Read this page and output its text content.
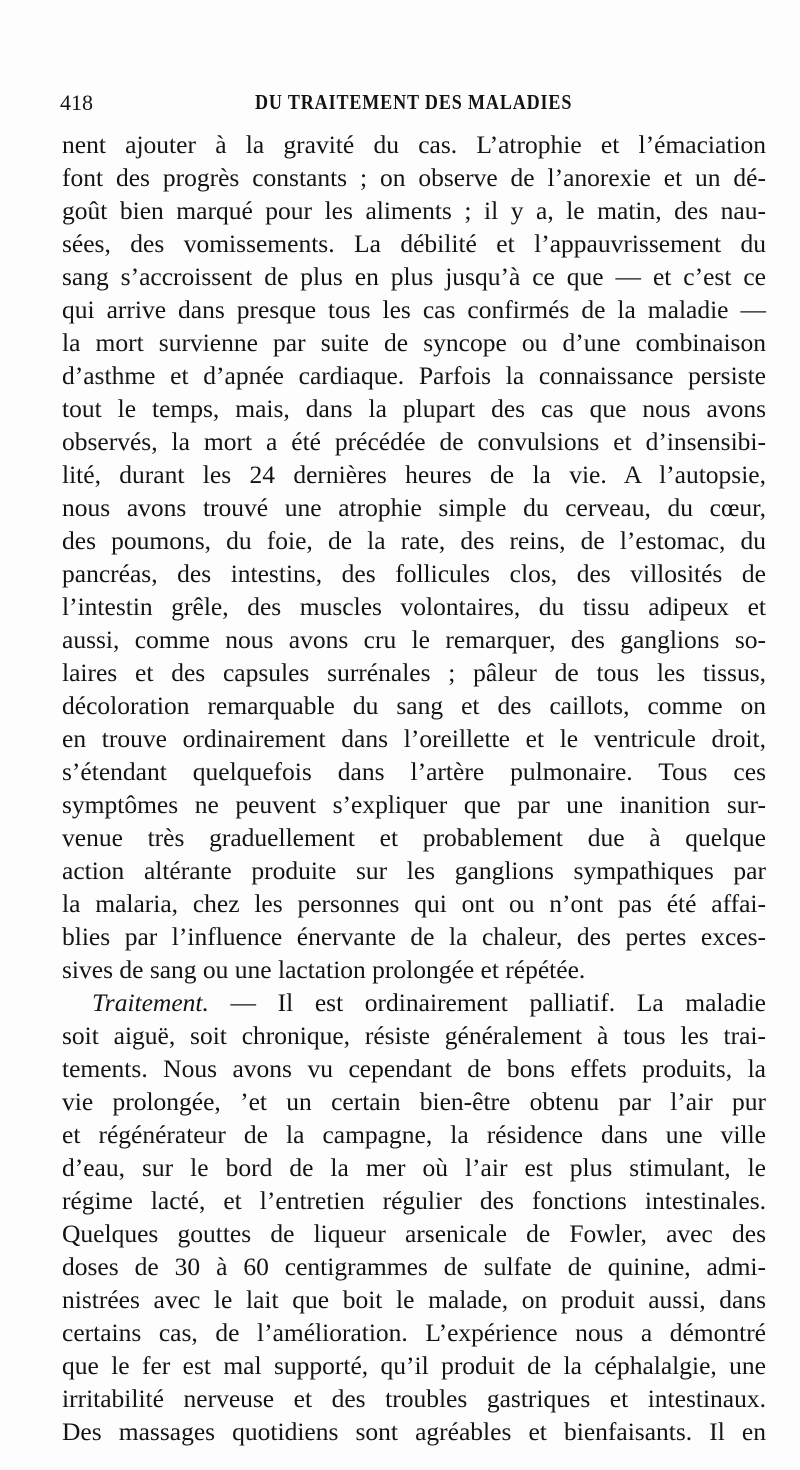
418	DU TRAITEMENT DES MALADIES
nent ajouter à la gravité du cas. L’atrophie et l’émaciation
font des progrès constants ; on observe de l’anorexie et un dé-
goût bien marqué pour les aliments ; il y a, le matin, des nau-
sées, des vomissements. La débilité et l’appauvrissement du
sang s’accroissent de plus en plus jusqu’à ce que — et c’est ce
qui arrive dans presque tous les cas confirmés de la maladie —
la mort survienne par suite de syncope ou d’une combinaison
d’asthme et d’apnée cardiaque. Parfois la connaissance persiste
tout le temps, mais, dans la plupart des cas que nous avons
observés, la mort a été précédée de convulsions et d’insensibi-
lité, durant les 24 dernières heures de la vie. A l’autopsie,
nous avons trouvé une atrophie simple du cerveau, du cœur,
des poumons, du foie, de la rate, des reins, de l’estomac, du
pancréas, des intestins, des follicules clos, des villosités de
l’intestin grêle, des muscles volontaires, du tissu adipeux et
aussi, comme nous avons cru le remarquer, des ganglions so-
laires et des capsules surrénales ; pâleur de tous les tissus,
décoloration remarquable du sang et des caillots, comme on
en trouve ordinairement dans l’oreillette et le ventricule droit,
s’étendant quelquefois dans l’artère pulmonaire. Tous ces
symptômes ne peuvent s’expliquer que par une inanition sur-
venue très graduellement et probablement due à quelque
action altérante produite sur les ganglions sympathiques par
la malaria, chez les personnes qui ont ou n’ont pas été affai-
blies par l’influence énervante de la chaleur, des pertes exces-
sives de sang ou une lactation prolongée et répétée.
Traitement. — Il est ordinairement palliatif. La maladie
soit aiguë, soit chronique, résiste généralement à tous les trai-
tements. Nous avons vu cependant de bons effets produits, la
vie prolongée, ’et un certain bien-être obtenu par l’air pur
et régénérateur de la campagne, la résidence dans une ville
d’eau, sur le bord de la mer où l’air est plus stimulant, le
régime lacté, et l’entretien régulier des fonctions intestinales.
Quelques gouttes de liqueur arsenicale de Fowler, avec des
doses de 30 à 60 centigrammes de sulfate de quinine, admi-
nistrées avec le lait que boit le malade, on produit aussi, dans
certains cas, de l’amélioration. L’expérience nous a démontré
que le fer est mal supporté, qu’il produit de la céphalalgie, une
irritabilité nerveuse et des troubles gastriques et intestinaux.
Des massages quotidiens sont agréables et bienfaisants. Il en
